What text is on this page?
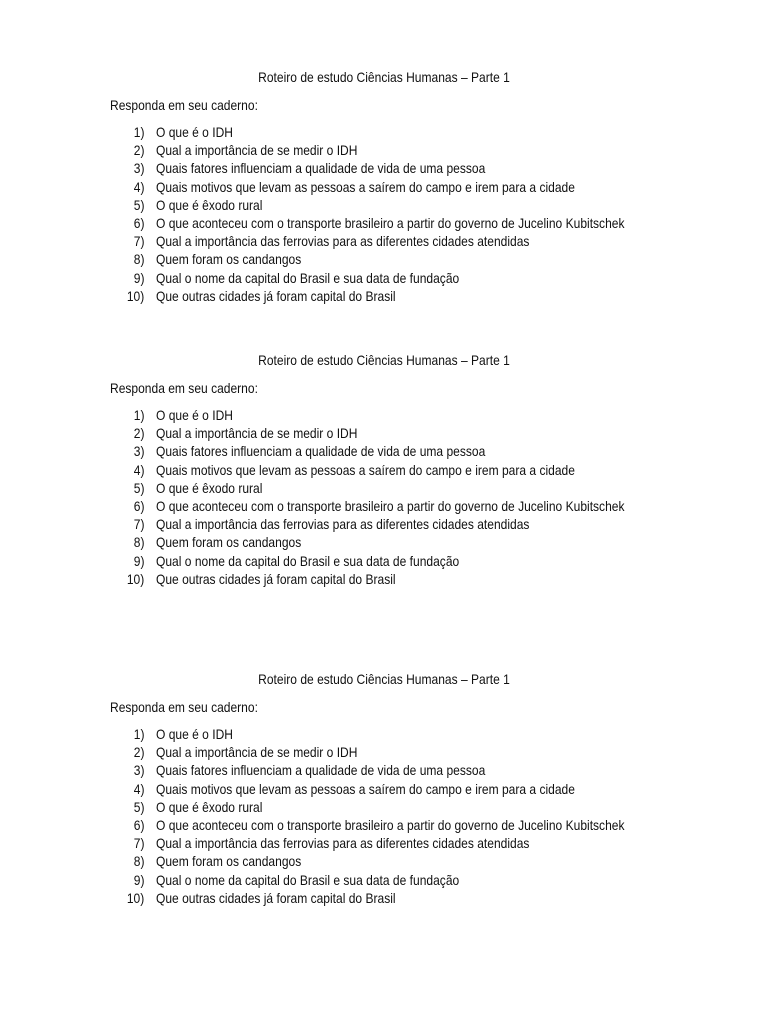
Roteiro de estudo Ciências Humanas – Parte 1
Responda em seu caderno:
1) O que é o IDH
2) Qual a importância de se medir o IDH
3) Quais fatores influenciam a qualidade de vida de uma pessoa
4) Quais motivos que levam as pessoas a saírem do campo e irem para a cidade
5) O que é êxodo rural
6) O que aconteceu com o transporte brasileiro a partir do governo de Jucelino Kubitschek
7) Qual a importância das ferrovias para as diferentes cidades atendidas
8) Quem foram os candangos
9) Qual o nome da capital do Brasil e sua data de fundação
10) Que outras cidades já foram capital do Brasil
Roteiro de estudo Ciências Humanas – Parte 1
Responda em seu caderno:
1) O que é o IDH
2) Qual a importância de se medir o IDH
3) Quais fatores influenciam a qualidade de vida de uma pessoa
4) Quais motivos que levam as pessoas a saírem do campo e irem para a cidade
5) O que é êxodo rural
6) O que aconteceu com o transporte brasileiro a partir do governo de Jucelino Kubitschek
7) Qual a importância das ferrovias para as diferentes cidades atendidas
8) Quem foram os candangos
9) Qual o nome da capital do Brasil e sua data de fundação
10) Que outras cidades já foram capital do Brasil
Roteiro de estudo Ciências Humanas – Parte 1
Responda em seu caderno:
1) O que é o IDH
2) Qual a importância de se medir o IDH
3) Quais fatores influenciam a qualidade de vida de uma pessoa
4) Quais motivos que levam as pessoas a saírem do campo e irem para a cidade
5) O que é êxodo rural
6) O que aconteceu com o transporte brasileiro a partir do governo de Jucelino Kubitschek
7) Qual a importância das ferrovias para as diferentes cidades atendidas
8) Quem foram os candangos
9) Qual o nome da capital do Brasil e sua data de fundação
10) Que outras cidades já foram capital do Brasil
